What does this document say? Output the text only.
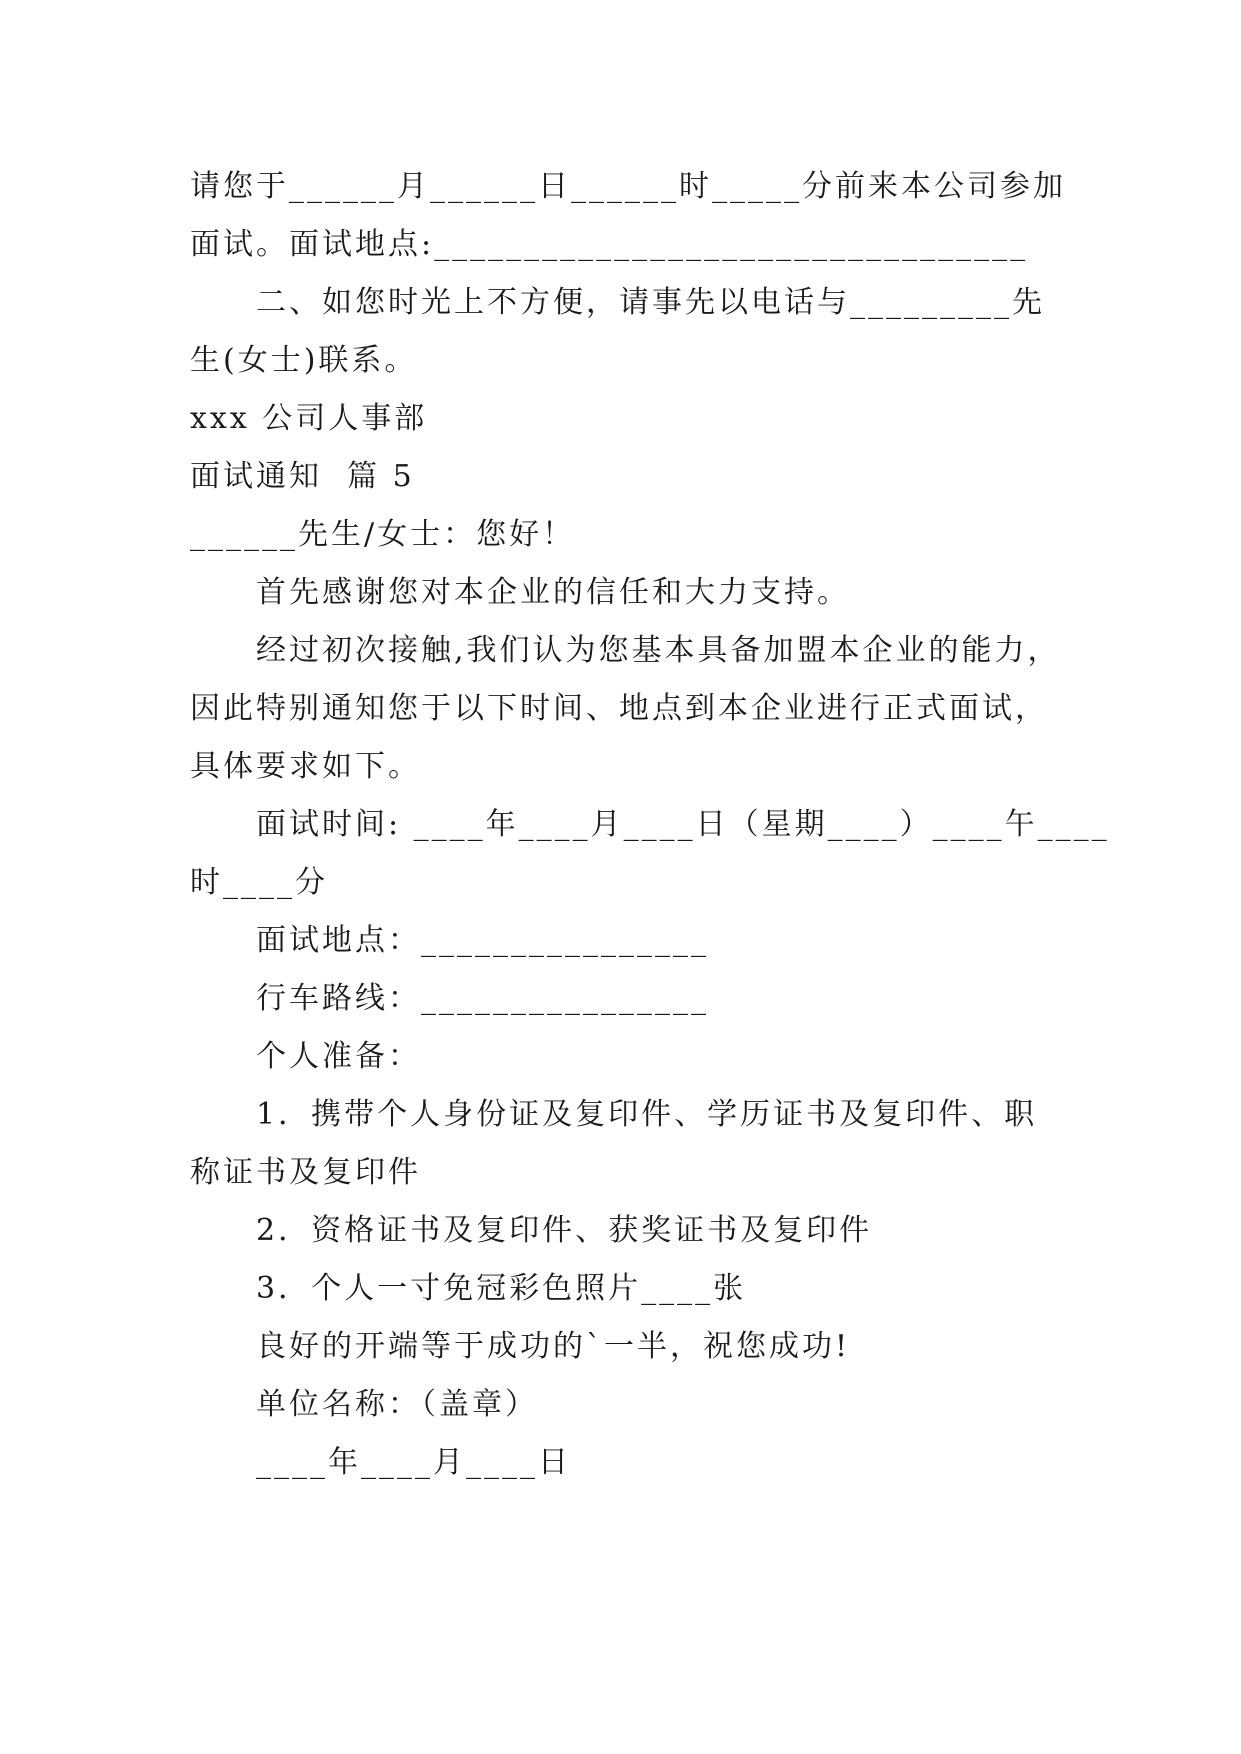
请您于______月______日______时_____分前来本公司参加
面试。面试地点:_________________________________
二、如您时光上不方便，请事先以电话与_________先
生(女士)联系。
xxx 公司人事部
面试通知  篇 5
______先生/女士：您好！
首先感谢您对本企业的信任和大力支持。
经过初次接触,我们认为您基本具备加盟本企业的能力，
因此特别通知您于以下时间、地点到本企业进行正式面试，
具体要求如下。
面试时间: ____年____月____日（星期____）____午____
时____分
面试地点：________________
行车路线：________________
个人准备：
1．携带个人身份证及复印件、学历证书及复印件、职
称证书及复印件
2．资格证书及复印件、获奖证书及复印件
3．个人一寸免冠彩色照片____张
良好的开端等于成功的`一半，祝您成功!
单位名称：（盖章）
____年____月____日
